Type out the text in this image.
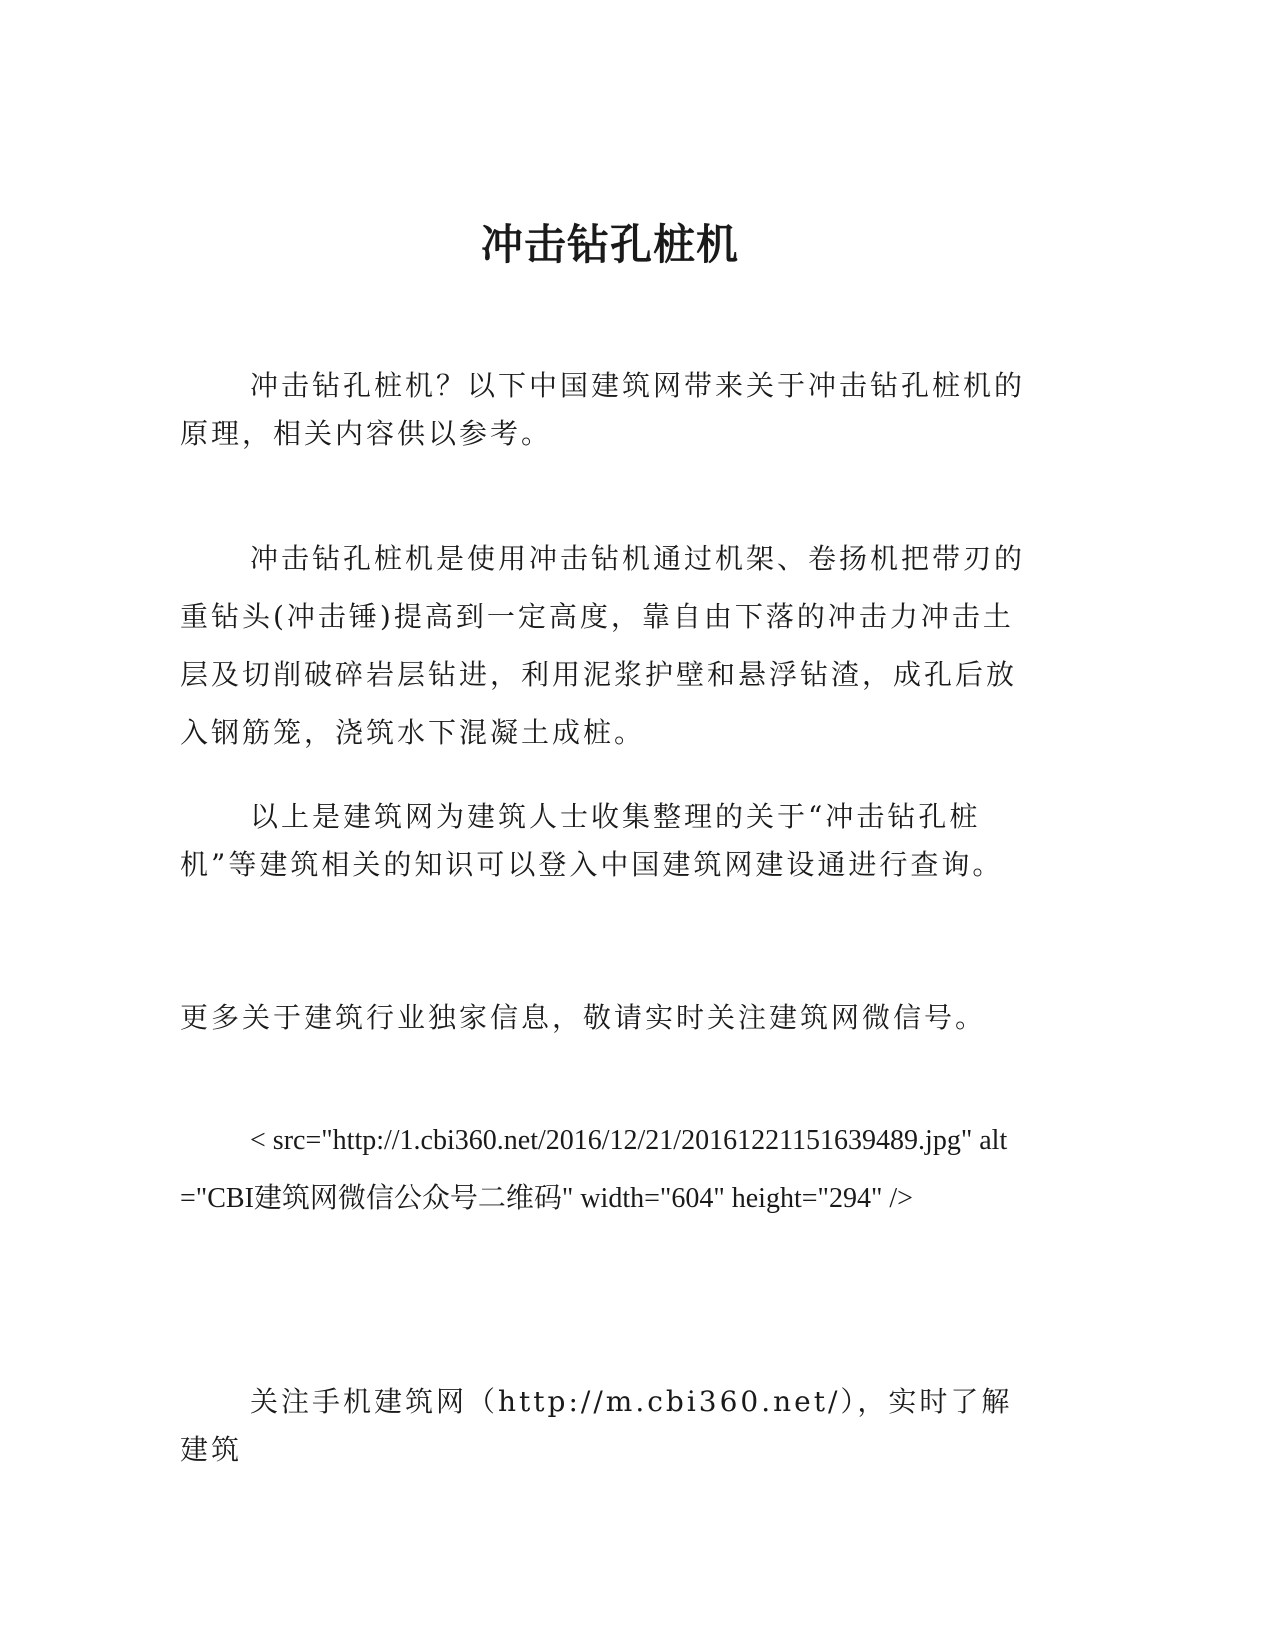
冲击钻孔桩机

冲击钻孔桩机？以下中国建筑网带来关于冲击钻孔桩机的原理，相关内容供以参考。

冲击钻孔桩机是使用冲击钻机通过机架、卷扬机把带刃的重钻头(冲击锤)提高到一定高度，靠自由下落的冲击力冲击土层及切削破碎岩层钻进，利用泥浆护壁和悬浮钻渣，成孔后放入钢筋笼，浇筑水下混凝土成桩。

以上是建筑网为建筑人士收集整理的关于“冲击钻孔桩机”等建筑相关的知识可以登入中国建筑网建设通进行查询。

更多关于建筑行业独家信息，敬请实时关注建筑网微信号。

< src="http://1.cbi360.net/2016/12/21/20161221151639489.jpg" alt="CBI建筑网微信公众号二维码" width="604" height="294" />

关注手机建筑网（http://m.cbi360.net/），实时了解建筑
